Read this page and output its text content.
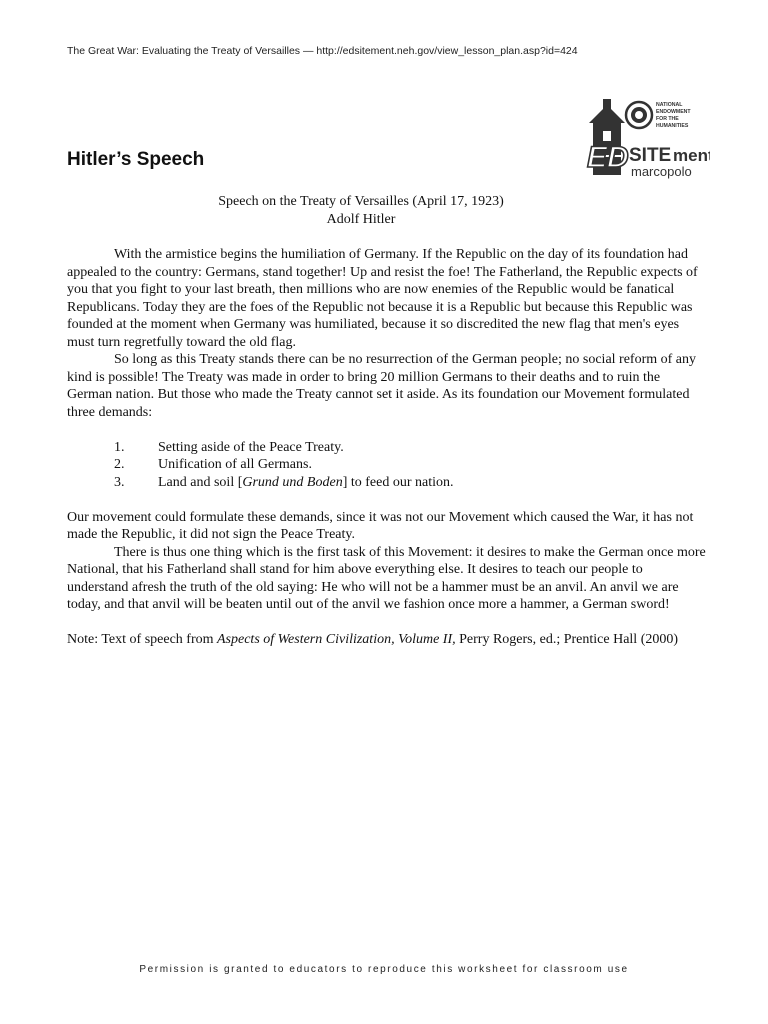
The Great War: Evaluating the Treaty of Versailles — http://edsitement.neh.gov/view_lesson_plan.asp?id=424
NATIONAL
ENDOWMENT
FOR THE
HUMANITIES
ED SITE ment
marcopolo
Hitler’s Speech
Speech on the Treaty of Versailles (April 17, 1923)
Adolf Hitler

With the armistice begins the humiliation of Germany. If the Republic on the day of its foundation had appealed to the country: Germans, stand together! Up and resist the foe! The Fatherland, the Republic expects of you that you fight to your last breath, then millions who are now enemies of the Republic would be fanatical Republicans. Today they are the foes of the Republic not because it is a Republic but because this Republic was founded at the moment when Germany was humiliated, because it so discredited the new flag that men's eyes must turn regretfully toward the old flag.

So long as this Treaty stands there can be no resurrection of the German people; no social reform of any kind is possible! The Treaty was made in order to bring 20 million Germans to their deaths and to ruin the German nation. But those who made the Treaty cannot set it aside. As its foundation our Movement formulated three demands:

1.	Setting aside of the Peace Treaty.
2.	Unification of all Germans.
3.	Land and soil [Grund und Boden] to feed our nation.

Our movement could formulate these demands, since it was not our Movement which caused the War, it has not made the Republic, it did not sign the Peace Treaty.

There is thus one thing which is the first task of this Movement: it desires to make the German once more National, that his Fatherland shall stand for him above everything else. It desires to teach our people to understand afresh the truth of the old saying: He who will not be a hammer must be an anvil. An anvil we are today, and that anvil will be beaten until out of the anvil we fashion once more a hammer, a German sword!

Note: Text of speech from Aspects of Western Civilization, Volume II, Perry Rogers, ed.; Prentice Hall (2000)

Permission is granted to educators to reproduce this worksheet for classroom use
